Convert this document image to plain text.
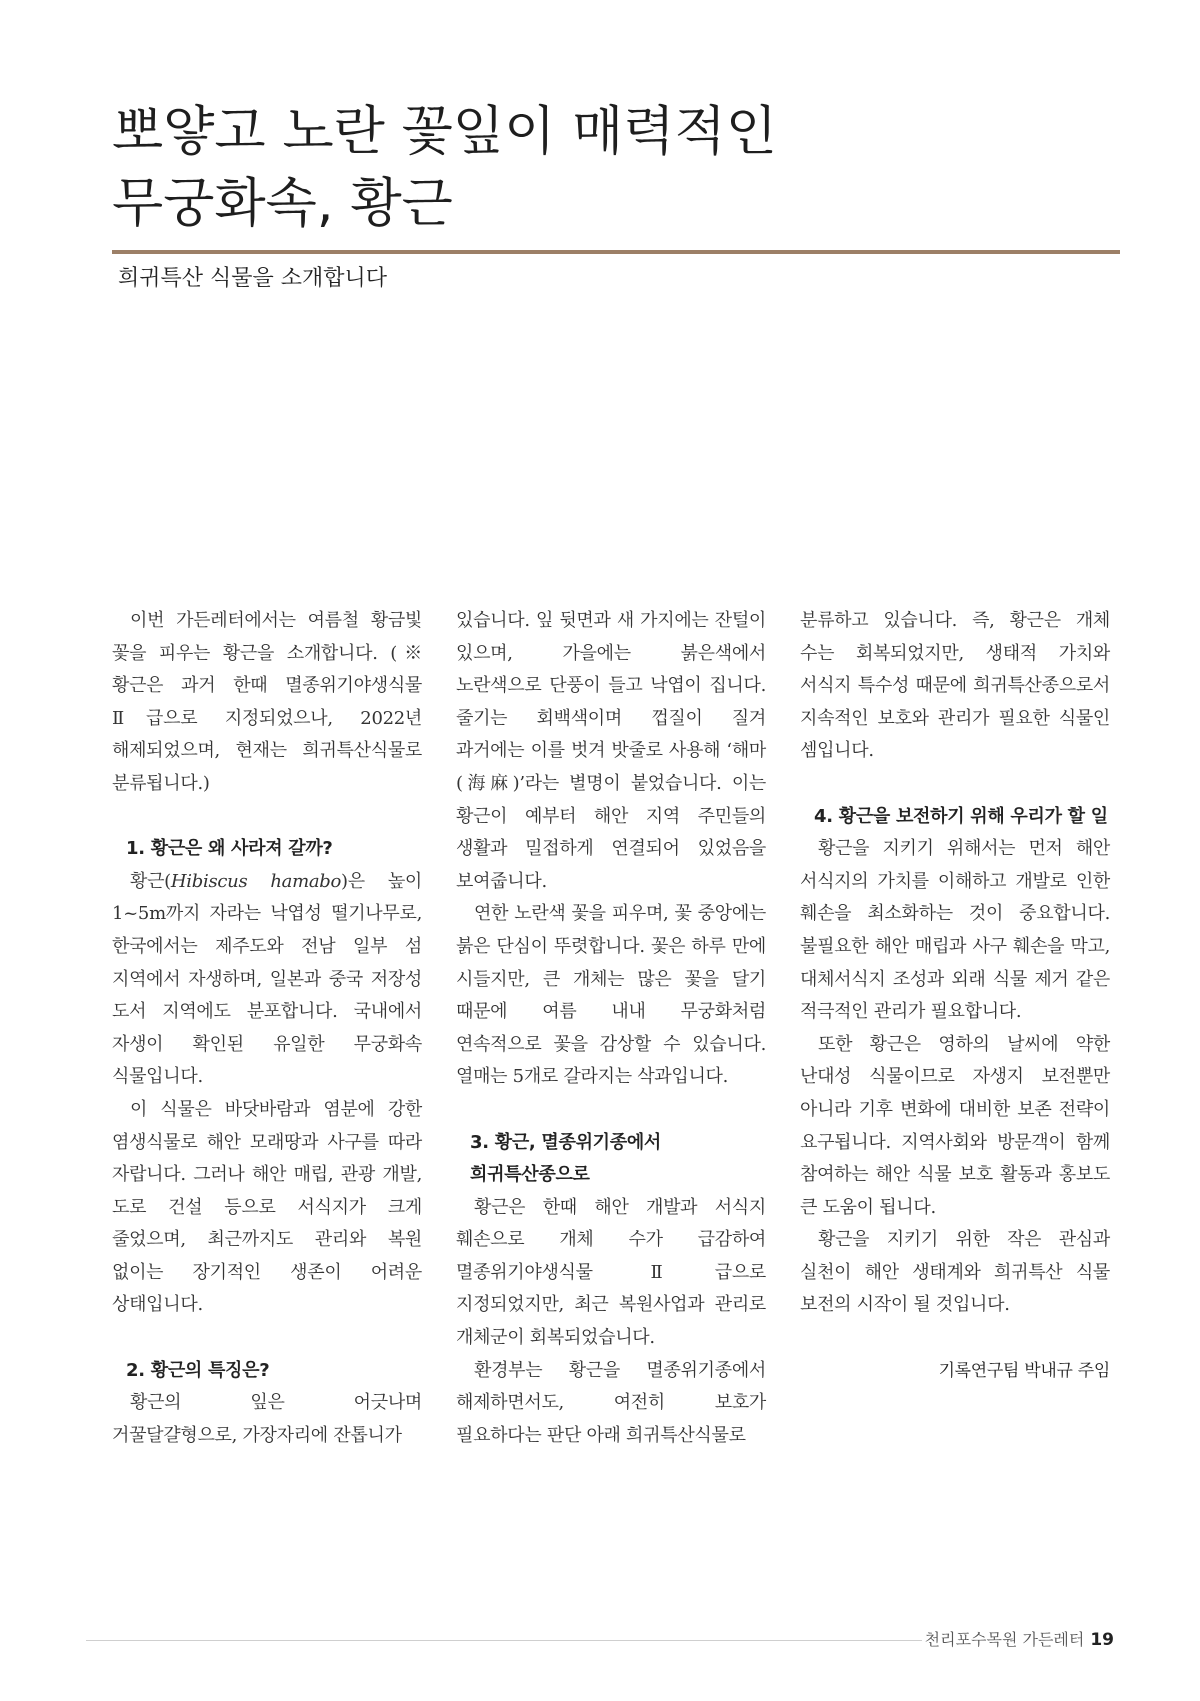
뽀얗고 노란 꽃잎이 매력적인
무궁화속, 황근
희귀특산 식물을 소개합니다

이번 가든레터에서는 여름철 황금빛 꽃을 피우는 황근을 소개합니다. (※ 황근은 과거 한때 멸종위기야생식물 Ⅱ급으로 지정되었으나, 2022년 해제되었으며, 현재는 희귀특산식물로 분류됩니다.)

1. 황근은 왜 사라져 갈까?

황근(Hibiscus hamabo)은 높이 1~5m까지 자라는 낙엽성 떨기나무로, 한국에서는 제주도와 전남 일부 섬 지역에서 자생하며, 일본과 중국 저장성 도서 지역에도 분포합니다. 국내에서 자생이 확인된 유일한 무궁화속 식물입니다.

이 식물은 바닷바람과 염분에 강한 염생식물로 해안 모래땅과 사구를 따라 자랍니다. 그러나 해안 매립, 관광 개발, 도로 건설 등으로 서식지가 크게 줄었으며, 최근까지도 관리와 복원 없이는 장기적인 생존이 어려운 상태입니다.

2. 황근의 특징은?

황근의 잎은 어긋나며 거꿀달걀형으로, 가장자리에 잔톱니가

있습니다. 잎 뒷면과 새 가지에는 잔털이 있으며, 가을에는 붉은색에서 노란색으로 단풍이 들고 낙엽이 집니다. 줄기는 회백색이며 껍질이 질겨 과거에는 이를 벗겨 밧줄로 사용해 ‘해마(海麻)’라는 별명이 붙었습니다. 이는 황근이 예부터 해안 지역 주민들의 생활과 밀접하게 연결되어 있었음을 보여줍니다.

연한 노란색 꽃을 피우며, 꽃 중앙에는 붉은 단심이 뚜렷합니다. 꽃은 하루 만에 시들지만, 큰 개체는 많은 꽃을 달기 때문에 여름 내내 무궁화처럼 연속적으로 꽃을 감상할 수 있습니다. 열매는 5개로 갈라지는 삭과입니다.

3. 황근, 멸종위기종에서 희귀특산종으로

황근은 한때 해안 개발과 서식지 훼손으로 개체 수가 급감하여 멸종위기야생식물 Ⅱ급으로 지정되었지만, 최근 복원사업과 관리로 개체군이 회복되었습니다.

환경부는 황근을 멸종위기종에서 해제하면서도, 여전히 보호가 필요하다는 판단 아래 희귀특산식물로

분류하고 있습니다. 즉, 황근은 개체 수는 회복되었지만, 생태적 가치와 서식지 특수성 때문에 희귀특산종으로서 지속적인 보호와 관리가 필요한 식물인 셈입니다.

4. 황근을 보전하기 위해 우리가 할 일

황근을 지키기 위해서는 먼저 해안 서식지의 가치를 이해하고 개발로 인한 훼손을 최소화하는 것이 중요합니다. 불필요한 해안 매립과 사구 훼손을 막고, 대체서식지 조성과 외래 식물 제거 같은 적극적인 관리가 필요합니다.

또한 황근은 영하의 날씨에 약한 난대성 식물이므로 자생지 보전뿐만 아니라 기후 변화에 대비한 보존 전략이 요구됩니다. 지역사회와 방문객이 함께 참여하는 해안 식물 보호 활동과 홍보도 큰 도움이 됩니다.

황근을 지키기 위한 작은 관심과 실천이 해안 생태계와 희귀특산 식물 보전의 시작이 될 것입니다.

기록연구팀 박내규 주임
천리포수목원 가든레터 19
